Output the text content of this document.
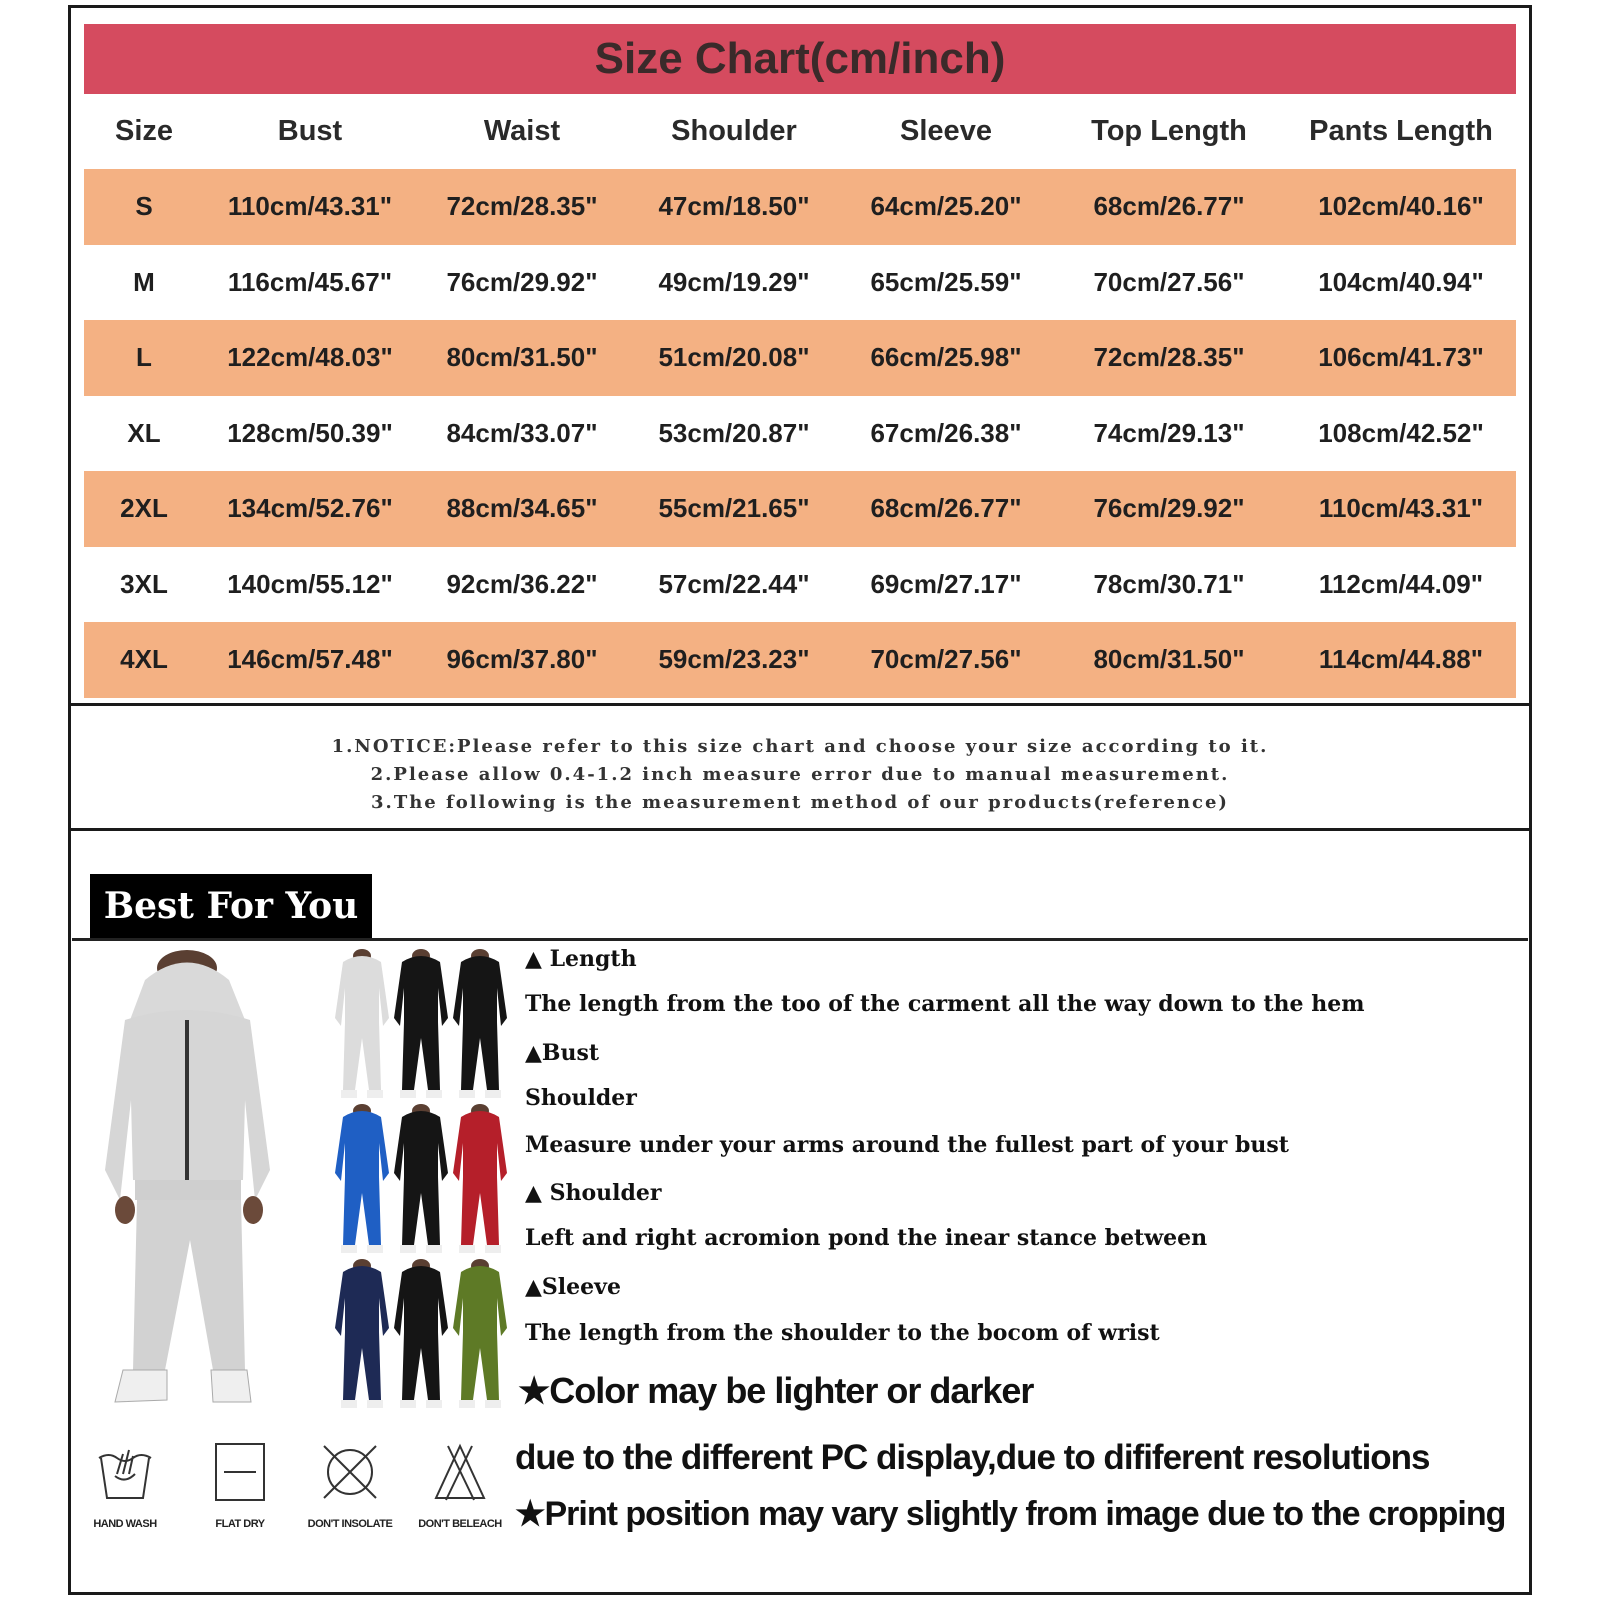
Size Chart(cm/inch)
Size	Bust	Waist	Shoulder	Sleeve	Top Length	Pants Length
S	110cm/43.31"	72cm/28.35"	47cm/18.50"	64cm/25.20"	68cm/26.77"	102cm/40.16"
M	116cm/45.67"	76cm/29.92"	49cm/19.29"	65cm/25.59"	70cm/27.56"	104cm/40.94"
L	122cm/48.03"	80cm/31.50"	51cm/20.08"	66cm/25.98"	72cm/28.35"	106cm/41.73"
XL	128cm/50.39"	84cm/33.07"	53cm/20.87"	67cm/26.38"	74cm/29.13"	108cm/42.52"
2XL	134cm/52.76"	88cm/34.65"	55cm/21.65"	68cm/26.77"	76cm/29.92"	110cm/43.31"
3XL	140cm/55.12"	92cm/36.22"	57cm/22.44"	69cm/27.17"	78cm/30.71"	112cm/44.09"
4XL	146cm/57.48"	96cm/37.80"	59cm/23.23"	70cm/27.56"	80cm/31.50"	114cm/44.88"
1.NOTICE:Please refer to this size chart and choose your size according to it.
2.Please allow 0.4-1.2 inch measure error due to manual measurement.
3.The following is the measurement method of our products(reference)
Best For You
▲ Length
The length from the too of the carment all the way down to the hem
▲Bust
Shoulder
Measure under your arms around the fullest part of your bust
▲ Shoulder
Left and right acromion pond the inear stance between
▲Sleeve
The length from the shoulder to the bocom of wrist
★Color may be lighter or darker
due to the different PC display,due to dififerent resolutions
★Print position may vary slightly from image due to the cropping
HAND WASH	FLAT DRY	DON'T INSOLATE DON'T BELEACH
